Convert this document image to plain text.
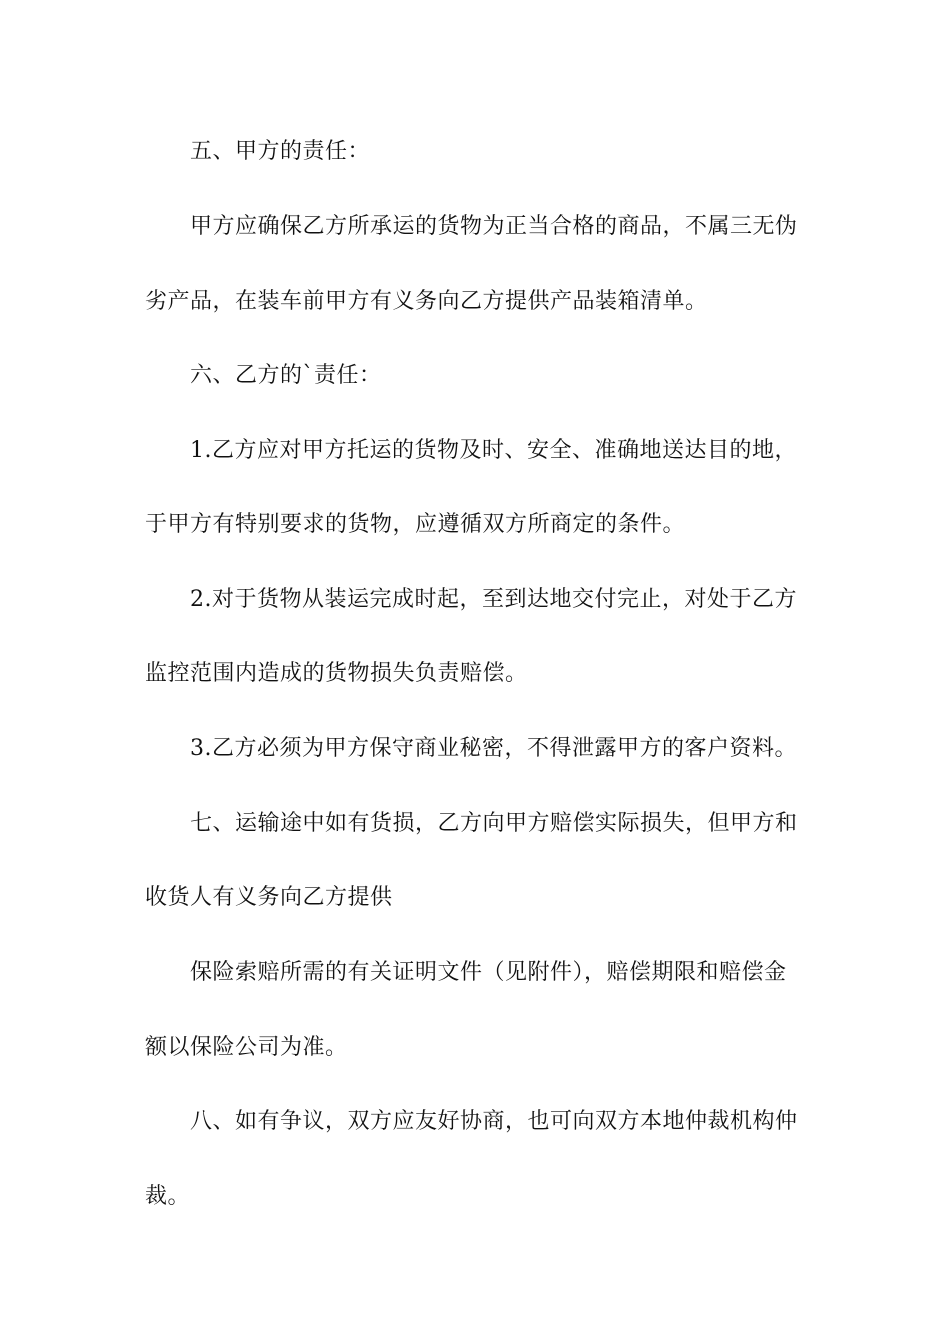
五、甲方的责任：
甲方应确保乙方所承运的货物为正当合格的商品，不属三无伪
劣产品，在装车前甲方有义务向乙方提供产品装箱清单。
六、乙方的`责任：
1.乙方应对甲方托运的货物及时、安全、准确地送达目的地，
于甲方有特别要求的货物，应遵循双方所商定的条件。
2.对于货物从装运完成时起，至到达地交付完止，对处于乙方
监控范围内造成的货物损失负责赔偿。
3.乙方必须为甲方保守商业秘密，不得泄露甲方的客户资料。
七、运输途中如有货损，乙方向甲方赔偿实际损失，但甲方和
收货人有义务向乙方提供
保险索赔所需的有关证明文件（见附件），赔偿期限和赔偿金
额以保险公司为准。
八、如有争议，双方应友好协商，也可向双方本地仲裁机构仲
裁。
